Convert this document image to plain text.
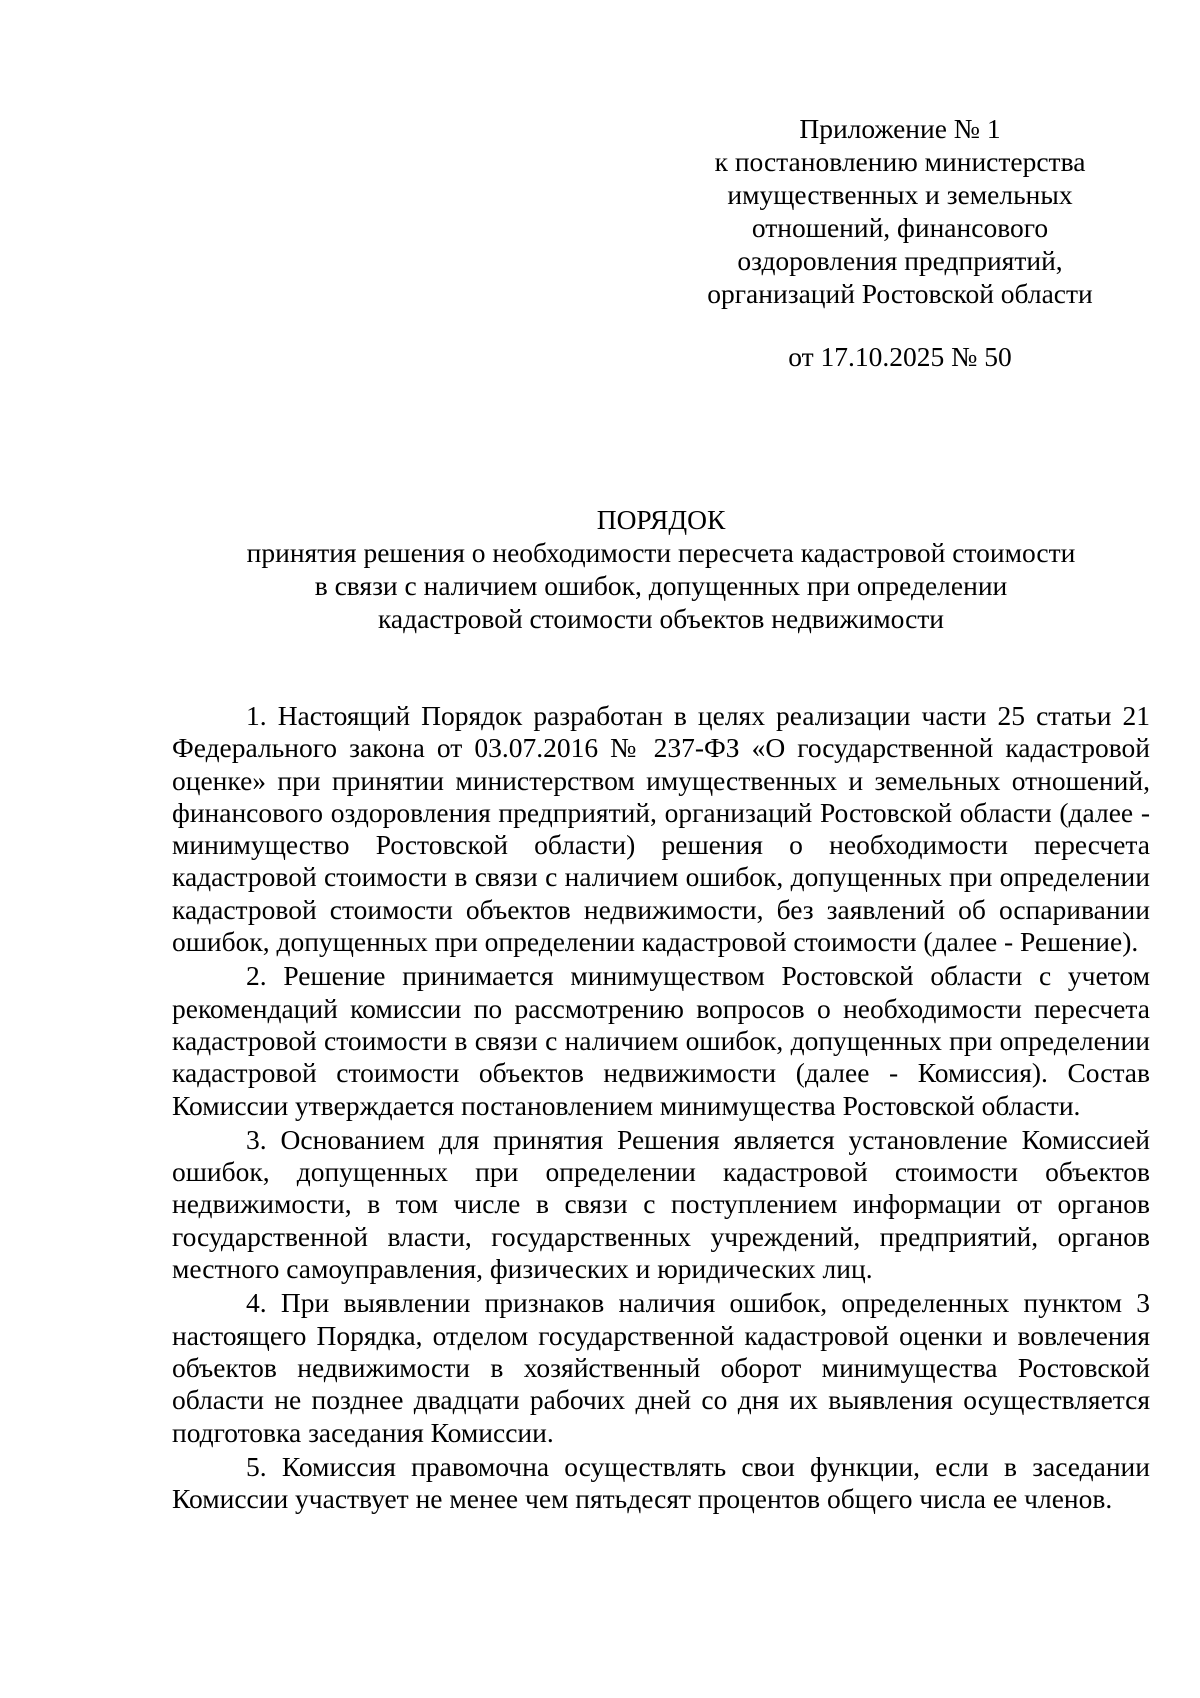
Приложение № 1
к постановлению министерства
имущественных и земельных
отношений, финансового
оздоровления предприятий,
организаций Ростовской области
от 17.10.2025 № 50
ПОРЯДОК
принятия решения о необходимости пересчета кадастровой стоимости
в связи с наличием ошибок, допущенных при определении
кадастровой стоимости объектов недвижимости

1. Настоящий Порядок разработан в целях реализации части 25 статьи 21 Федерального закона от 03.07.2016 № 237-ФЗ «О государственной кадастровой оценке» при принятии министерством имущественных и земельных отношений, финансового оздоровления предприятий, организаций Ростовской области (далее - минимущество Ростовской области) решения о необходимости пересчета кадастровой стоимости в связи с наличием ошибок, допущенных при определении кадастровой стоимости объектов недвижимости, без заявлений об оспаривании ошибок, допущенных при определении кадастровой стоимости (далее - Решение).

2. Решение принимается минимуществом Ростовской области с учетом рекомендаций комиссии по рассмотрению вопросов о необходимости пересчета кадастровой стоимости в связи с наличием ошибок, допущенных при определении кадастровой стоимости объектов недвижимости (далее - Комиссия). Состав Комиссии утверждается постановлением минимущества Ростовской области.

3. Основанием для принятия Решения является установление Комиссией ошибок, допущенных при определении кадастровой стоимости объектов недвижимости, в том числе в связи с поступлением информации от органов государственной власти, государственных учреждений, предприятий, органов местного самоуправления, физических и юридических лиц.

4. При выявлении признаков наличия ошибок, определенных пунктом 3 настоящего Порядка, отделом государственной кадастровой оценки и вовлечения объектов недвижимости в хозяйственный оборот минимущества Ростовской области не позднее двадцати рабочих дней со дня их выявления осуществляется подготовка заседания Комиссии.

5. Комиссия правомочна осуществлять свои функции, если в заседании Комиссии участвует не менее чем пятьдесят процентов общего числа ее членов.
